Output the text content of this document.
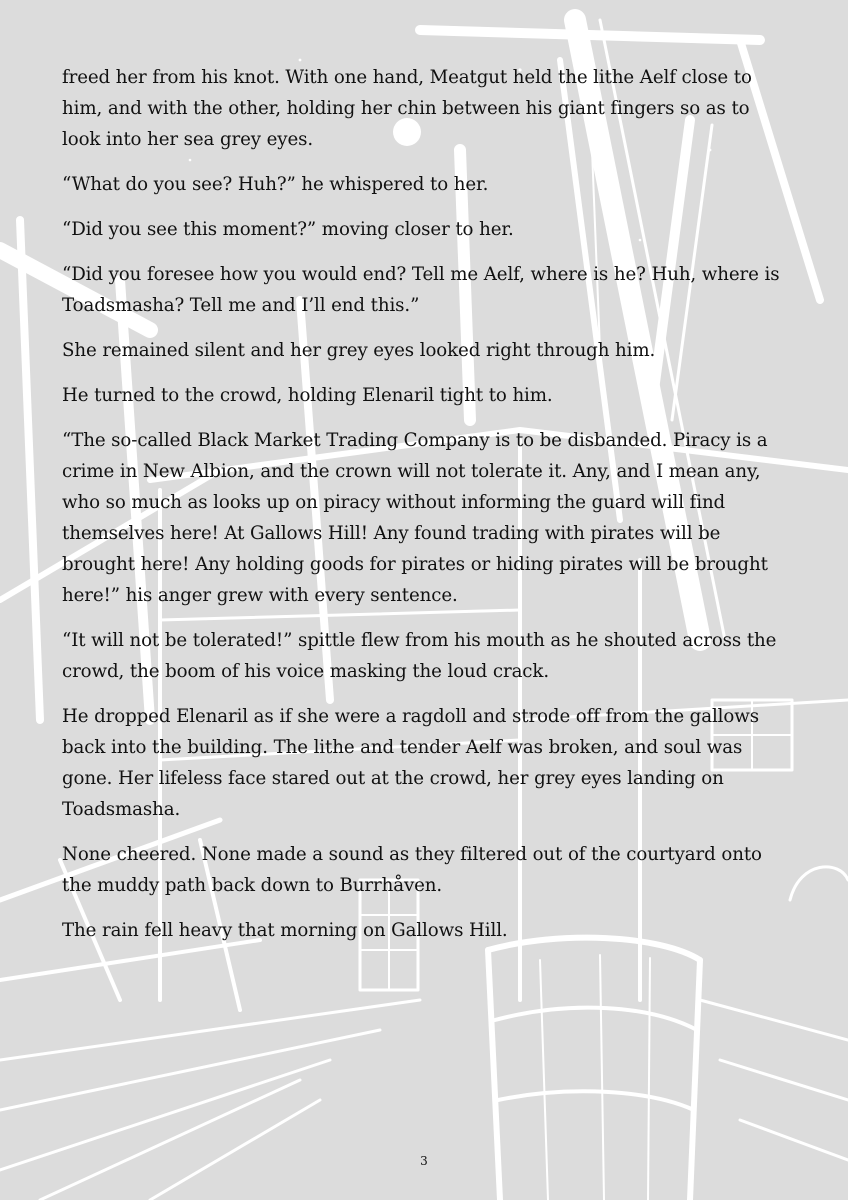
freed her from his knot. With one hand, Meatgut held the lithe Aelf close to him, and with the other, holding her chin between his giant fingers so as to look into her sea grey eyes.

“What do you see? Huh?” he whispered to her.

“Did you see this moment?” moving closer to her.

“Did you foresee how you would end? Tell me Aelf, where is he? Huh, where is Toadsmasha? Tell me and I’ll end this.”

She remained silent and her grey eyes looked right through him.

He turned to the crowd, holding Elenaril tight to him.

“The so-called Black Market Trading Company is to be disbanded. Piracy is a crime in New Albion, and the crown will not tolerate it. Any, and I mean any, who so much as looks up on piracy without informing the guard will find themselves here! At Gallows Hill! Any found trading with pirates will be brought here! Any holding goods for pirates or hiding pirates will be brought here!” his anger grew with every sentence.

“It will not be tolerated!” spittle flew from his mouth as he shouted across the crowd, the boom of his voice masking the loud crack.

He dropped Elenaril as if she were a ragdoll and strode off from the gallows back into the building. The lithe and tender Aelf was broken, and soul was gone. Her lifeless face stared out at the crowd, her grey eyes landing on Toadsmasha.

None cheered. None made a sound as they filtered out of the courtyard onto the muddy path back down to Burrhåven.

The rain fell heavy that morning on Gallows Hill.

3
